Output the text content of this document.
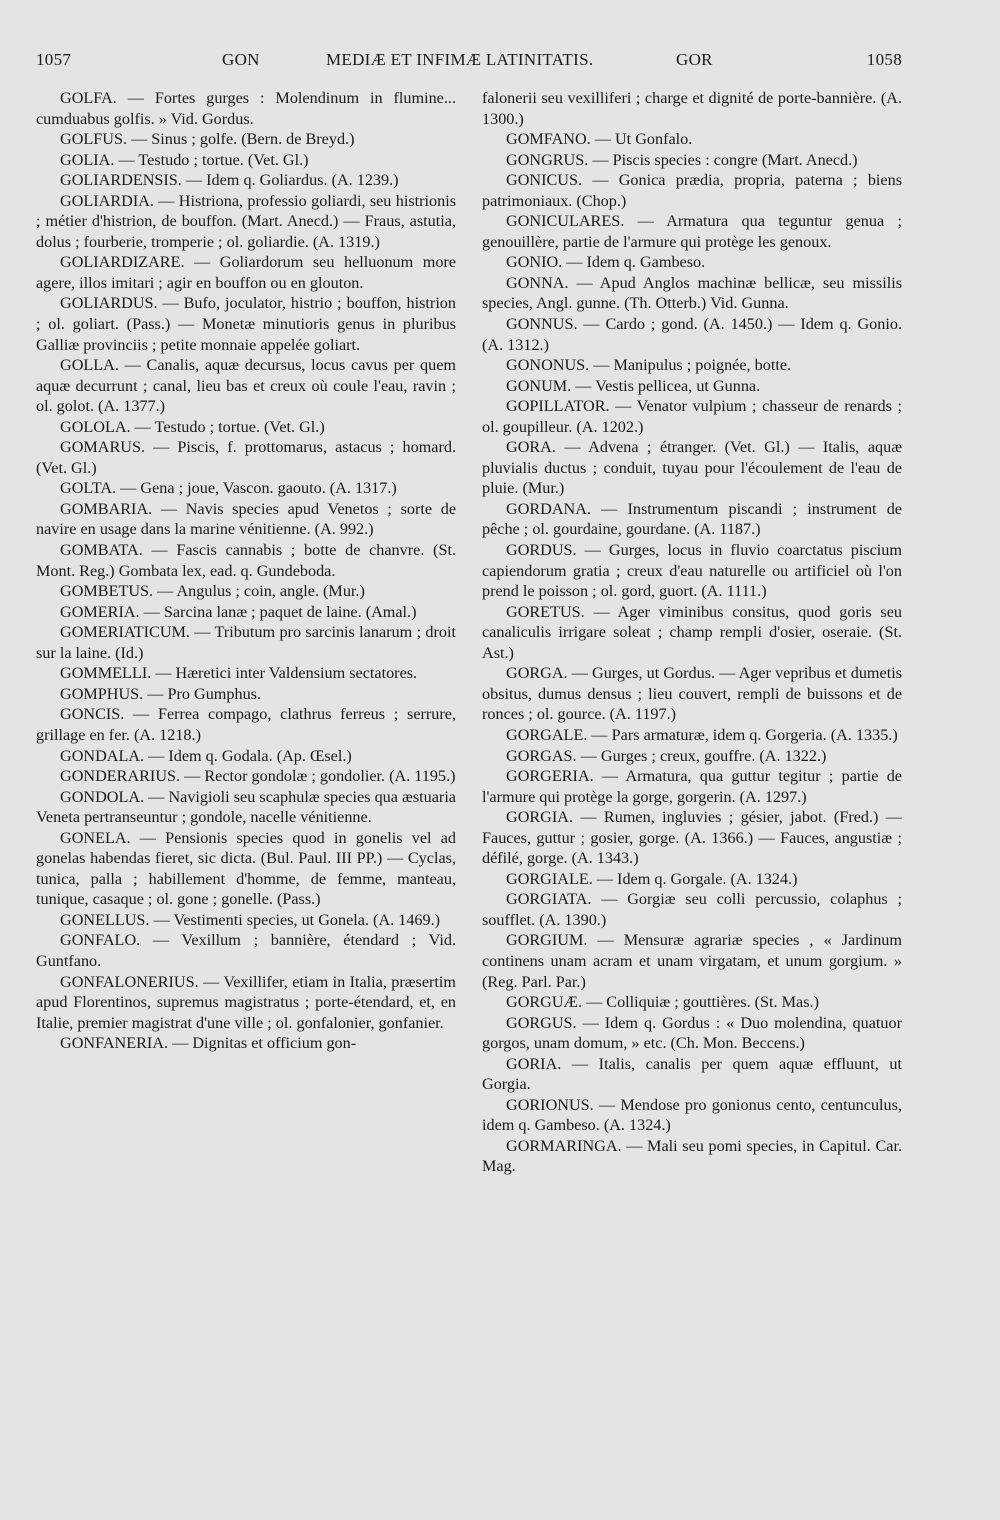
1057	GON	MEDIÆ ET INFIMÆ LATINITATIS.	GOR	1058

GOLFA. — Fortes gurges : Molendinum in flumine... cumduabus golfis. » Vid. Gordus.

GOLFUS. — Sinus ; golfe. (Bern. de Breyd.)

GOLIA. — Testudo ; tortue. (Vet. Gl.)

GOLIARDENSIS. — Idem q. Goliardus. (A. 1239.)

GOLIARDIA. — Histriona, professio goliardi, seu histrionis ; métier d'histrion, de bouffon. (Mart. Anecd.) — Fraus, astutia, dolus ; fourberie, tromperie ; ol. goliardie. (A. 1319.)

GOLIARDIZARE. — Goliardorum seu helluonum more agere, illos imitari ; agir en bouffon ou en glouton.

GOLIARDUS. — Bufo, joculator, histrio ; bouffon, histrion ; ol. goliart. (Pass.) — Monetæ minutioris genus in pluribus Galliæ provinciis ; petite monnaie appelée goliart.

GOLLA. — Canalis, aquæ decursus, locus cavus per quem aquæ decurrunt ; canal, lieu bas et creux où coule l'eau, ravin ; ol. golot. (A. 1377.)

GOLOLA. — Testudo ; tortue. (Vet. Gl.)

GOMARUS. — Piscis, f. prottomarus, astacus ; homard. (Vet. Gl.)

GOLTA. — Gena ; joue, Vascon. gaouto. (A. 1317.)

GOMBARIA. — Navis species apud Venetos ; sorte de navire en usage dans la marine vénitienne. (A. 992.)

GOMBATA. — Fascis cannabis ; botte de chanvre. (St. Mont. Reg.) Gombata lex, ead. q. Gundeboda.

GOMBETUS. — Angulus ; coin, angle. (Mur.)

GOMERIA. — Sarcina lanæ ; paquet de laine. (Amal.)

GOMERIATICUM. — Tributum pro sarcinis lanarum ; droit sur la laine. (Id.)

GOMMELLI. — Hæretici inter Valdensium sectatores.

GOMPHUS. — Pro Gumphus.

GONCIS. — Ferrea compago, clathrus ferreus ; serrure, grillage en fer. (A. 1218.)

GONDALA. — Idem q. Godala. (Ap. Œsel.)

GONDERARIUS. — Rector gondolæ ; gondolier. (A. 1195.)

GONDOLA. — Navigioli seu scaphulæ species qua æstuaria Veneta pertranseuntur ; gondole, nacelle vénitienne.

GONELA. — Pensionis species quod in gonelis vel ad gonelas habendas fieret, sic dicta. (Bul. Paul. III PP.) — Cyclas, tunica, palla ; habillement d'homme, de femme, manteau, tunique, casaque ; ol. gone ; gonelle. (Pass.)

GONELLUS. — Vestimenti species, ut Gonela. (A. 1469.)

GONFALO. — Vexillum ; bannière, étendard ; Vid. Guntfano.

GONFALONERIUS. — Vexillifer, etiam in Italia, præsertim apud Florentinos, supremus magistratus ; porte-étendard, et, en Italie, premier magistrat d'une ville ; ol. gonfalonier, gonfanier.

GONFANERIA. — Dignitas et officium gon-

falonerii seu vexilliferi ; charge et dignité de porte-bannière. (A. 1300.)

GOMFANO. — Ut Gonfalo.

GONGRUS. — Piscis species : congre (Mart. Anecd.)

GONICUS. — Gonica prædia, propria, paterna ; biens patrimoniaux. (Chop.)

GONICULARES. — Armatura qua teguntur genua ; genouillère, partie de l'armure qui protège les genoux.

GONIO. — Idem q. Gambeso.

GONNA. — Apud Anglos machinæ bellicæ, seu missilis species, Angl. gunne. (Th. Otterb.) Vid. Gunna.

GONNUS. — Cardo ; gond. (A. 1450.) — Idem q. Gonio. (A. 1312.)

GONONUS. — Manipulus ; poignée, botte.

GONUM. — Vestis pellicea, ut Gunna.

GOPILLATOR. — Venator vulpium ; chasseur de renards ; ol. goupilleur. (A. 1202.)

GORA. — Advena ; étranger. (Vet. Gl.) — Italis, aquæ pluvialis ductus ; conduit, tuyau pour l'écoulement de l'eau de pluie. (Mur.)

GORDANA. — Instrumentum piscandi ; instrument de pêche ; ol. gourdaine, gourdane. (A. 1187.)

GORDUS. — Gurges, locus in fluvio coarctatus piscium capiendorum gratia ; creux d'eau naturelle ou artificiel où l'on prend le poisson ; ol. gord, guort. (A. 1111.)

GORETUS. — Ager viminibus consitus, quod goris seu canaliculis irrigare soleat ; champ rempli d'osier, oseraie. (St. Ast.)

GORGA. — Gurges, ut Gordus. — Ager vepribus et dumetis obsitus, dumus densus ; lieu couvert, rempli de buissons et de ronces ; ol. gource. (A. 1197.)

GORGALE. — Pars armaturæ, idem q. Gorgeria. (A. 1335.)

GORGAS. — Gurges ; creux, gouffre. (A. 1322.)

GORGERIA. — Armatura, qua guttur tegitur ; partie de l'armure qui protège la gorge, gorgerin. (A. 1297.)

GORGIA. — Rumen, ingluvies ; gésier, jabot. (Fred.) — Fauces, guttur ; gosier, gorge. (A. 1366.) — Fauces, angustiæ ; défilé, gorge. (A. 1343.)

GORGIALE. — Idem q. Gorgale. (A. 1324.)

GORGIATA. — Gorgiæ seu colli percussio, colaphus ; soufflet. (A. 1390.)

GORGIUM. — Mensuræ agrariæ species , « Jardinum continens unam acram et unam virgatam, et unum gorgium. » (Reg. Parl. Par.)

GORGUÆ. — Colliquiæ ; gouttières. (St. Mas.)

GORGUS. — Idem q. Gordus : « Duo molendina, quatuor gorgos, unam domum, » etc. (Ch. Mon. Beccens.)

GORIA. — Italis, canalis per quem aquæ effluunt, ut Gorgia.

GORIONUS. — Mendose pro gonionus cento, centunculus, idem q. Gambeso. (A. 1324.)

GORMARINGA. — Mali seu pomi species, in Capitul. Car. Mag.
